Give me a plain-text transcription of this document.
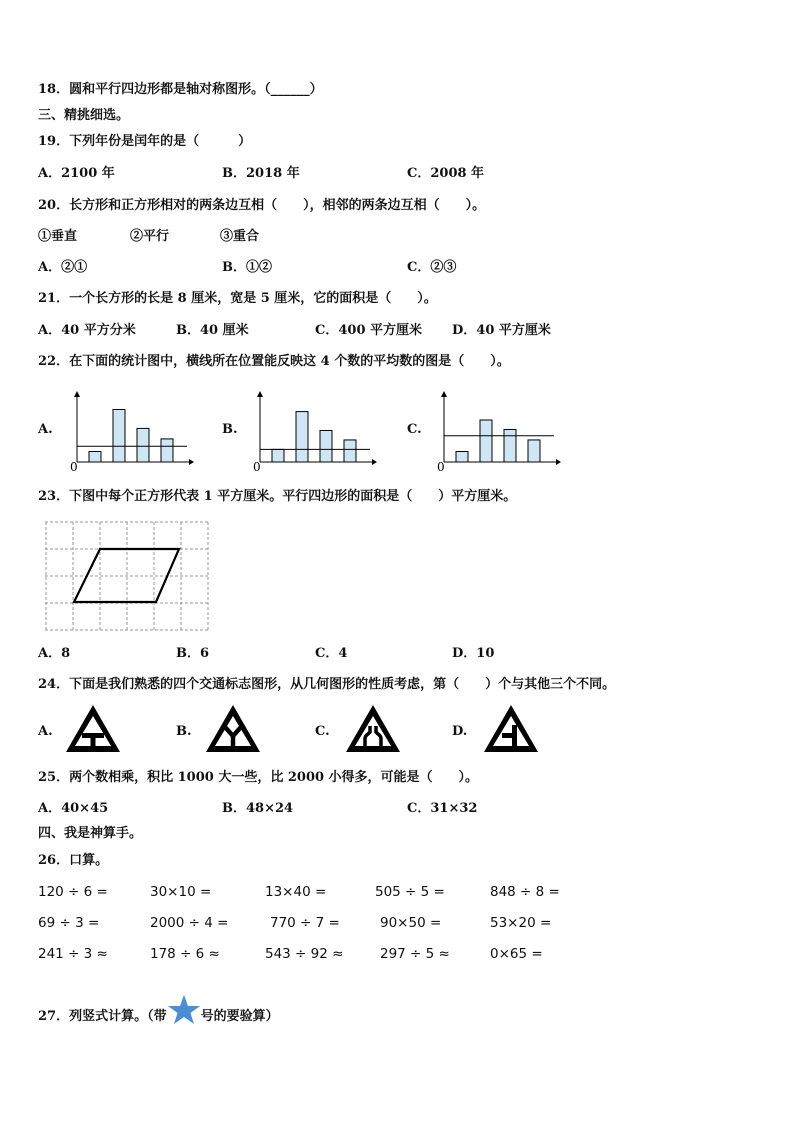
18．圆和平行四边形都是轴对称图形。（______）
三、精挑细选。
19．下列年份是闰年的是（　　　）
A．2100 年	B．2018 年	C．2008 年
20．长方形和正方形相对的两条边互相（　　），相邻的两条边互相（　　）。
①垂直	②平行	③重合
A．②①	B．①②	C．②③
21．一个长方形的长是 8 厘米，宽是 5 厘米，它的面积是（　　）。
A．40 平方分米	B．40 厘米	C．400 平方厘米 D．40 平方厘米
22．在下面的统计图中，横线所在位置能反映这 4 个数的平均数的图是（　　）。
A.	B.	C.
0	0	0
23．下图中每个正方形代表 1 平方厘米。平行四边形的面积是（　　）平方厘米。
A．8	B．6	C．4	D．10
24．下面是我们熟悉的四个交通标志图形，从几何图形的性质考虑，第（　　）个与其他三个不同。
A.	B.	C.	D.
25．两个数相乘，积比 1000 大一些，比 2000 小得多，可能是（　　）。
A．40×45	B．48×24	C．31×32
四、我是神算手。
26．口算。
120 ÷ 6 =	30×10 =	13×40 =	505 ÷ 5 =	848 ÷ 8 =
69 ÷ 3 =	2000 ÷ 4 =	770 ÷ 7 =	90×50 =	53×20 =
241 ÷ 3 ≈	178 ÷ 6 ≈	543 ÷ 92 ≈	297 ÷ 5 ≈	0×65 =
27．列竖式计算。（带	号的要验算）
